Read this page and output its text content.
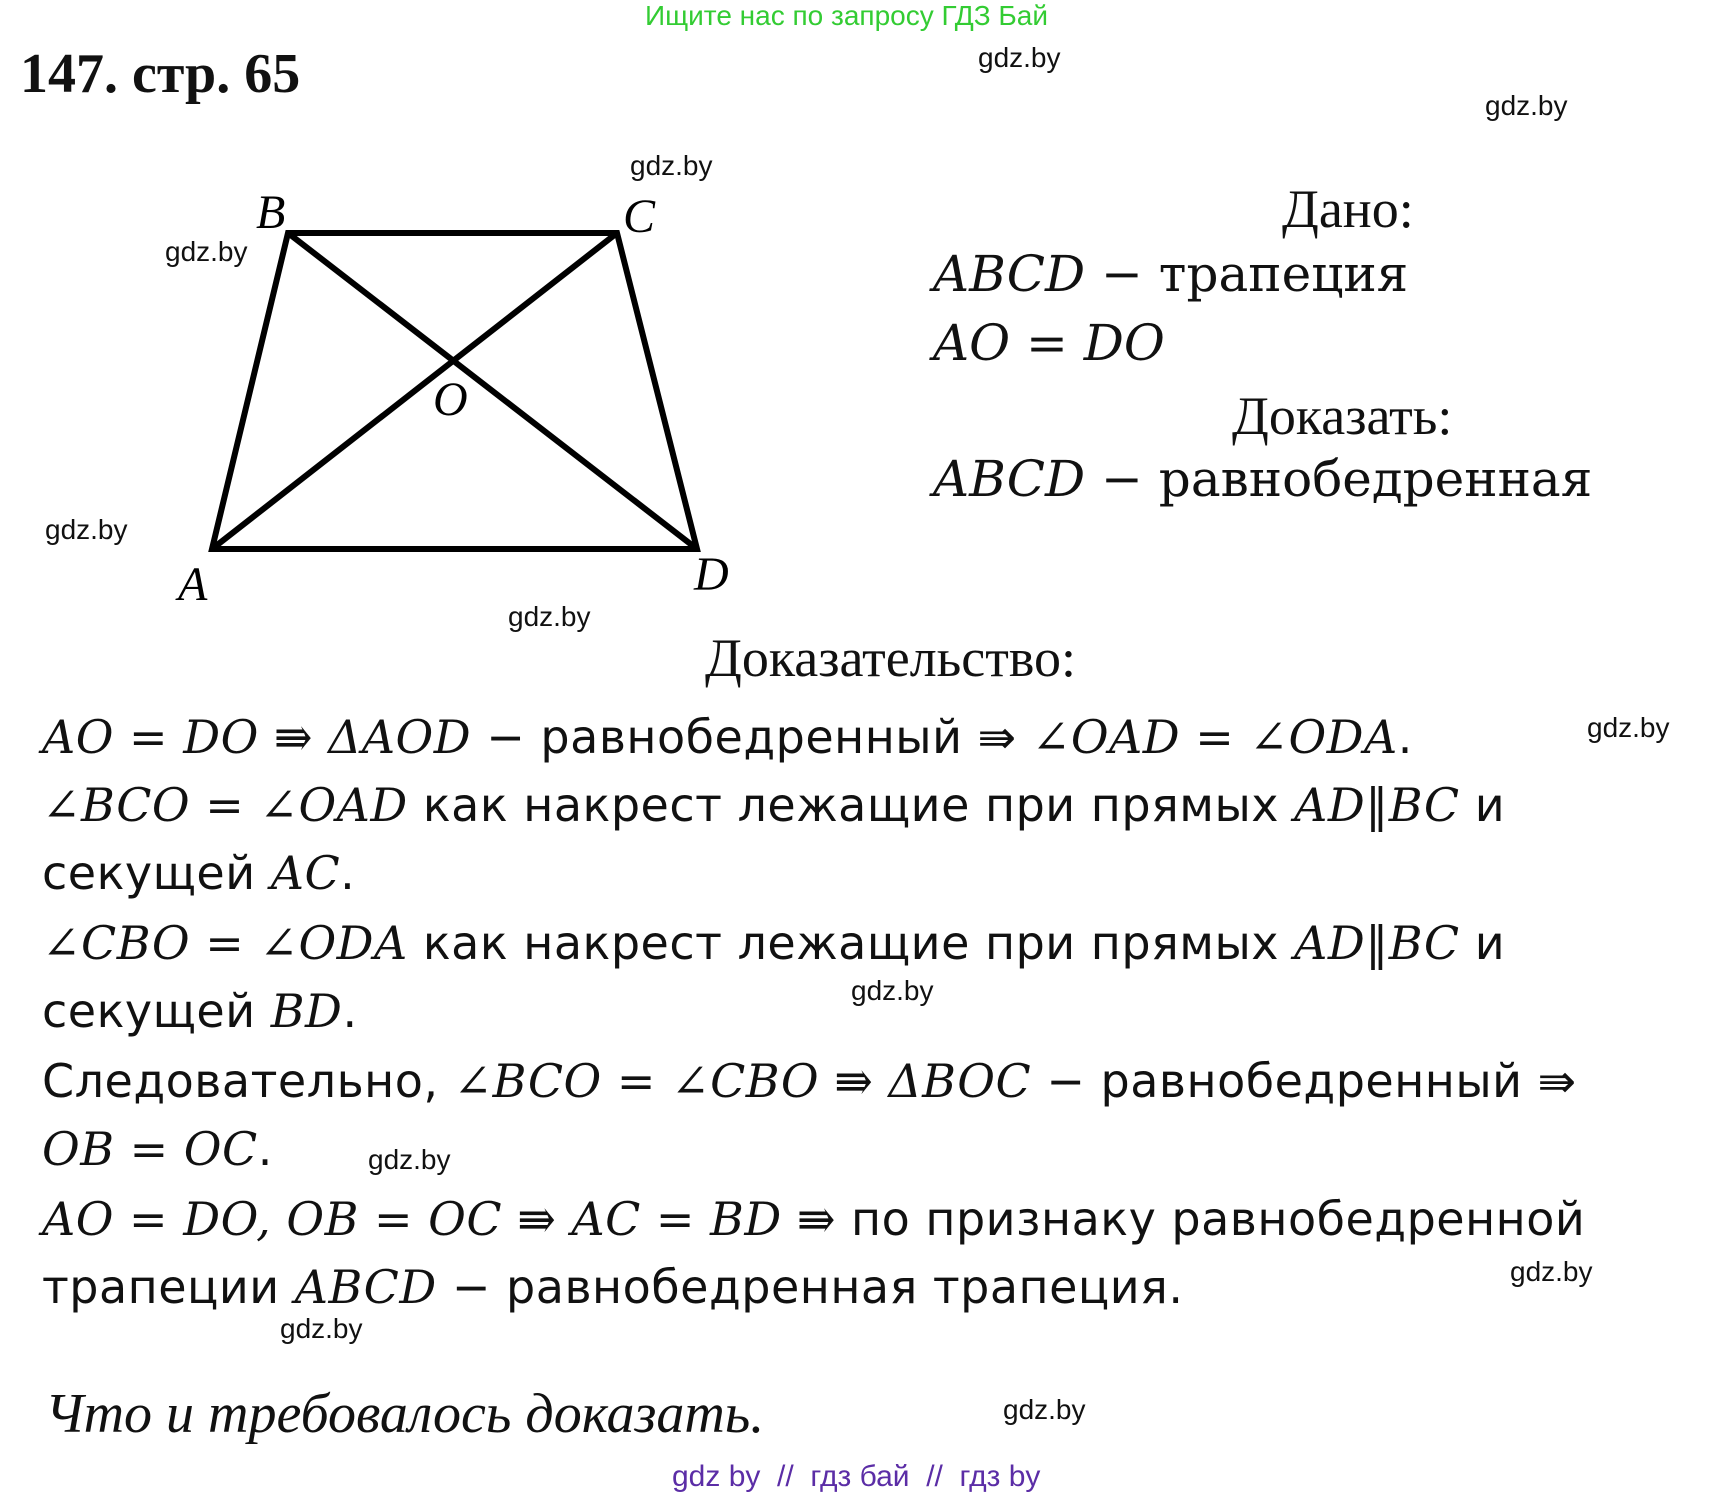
Ищите нас по запросу ГДЗ Бай
147. стр. 65	gdz.by
gdz.by
gdz.by
gdz.by
gdz.by
gdz.by
gdz.by
gdz.by
gdz.by
gdz.by
gdz.by
gdz.by
A
B	C
D
O
Дано:
ABCD − трапеция
AO = DO
Доказать:
ABCD − равнобедренная
Доказательство:
AO = DO ⇛ ΔAOD − равнобедренный ⇛ ∠OAD = ∠ODA.
∠BCO = ∠OAD как накрест лежащие при прямых AD‖BC и
секущей AC.
∠CBO = ∠ODA как накрест лежащие при прямых AD‖BC и
секущей BD.
Следовательно, ∠BCO = ∠CBO ⇛ ΔBOC − равнобедренный ⇛
OB = OC.
AO = DO, OB = OC ⇛ AC = BD ⇛ по признаку равнобедренной
трапеции ABCD − равнобедренная трапеция.
Что и требовалось доказать.
gdz by  //  гдз бай  //  гдз by
